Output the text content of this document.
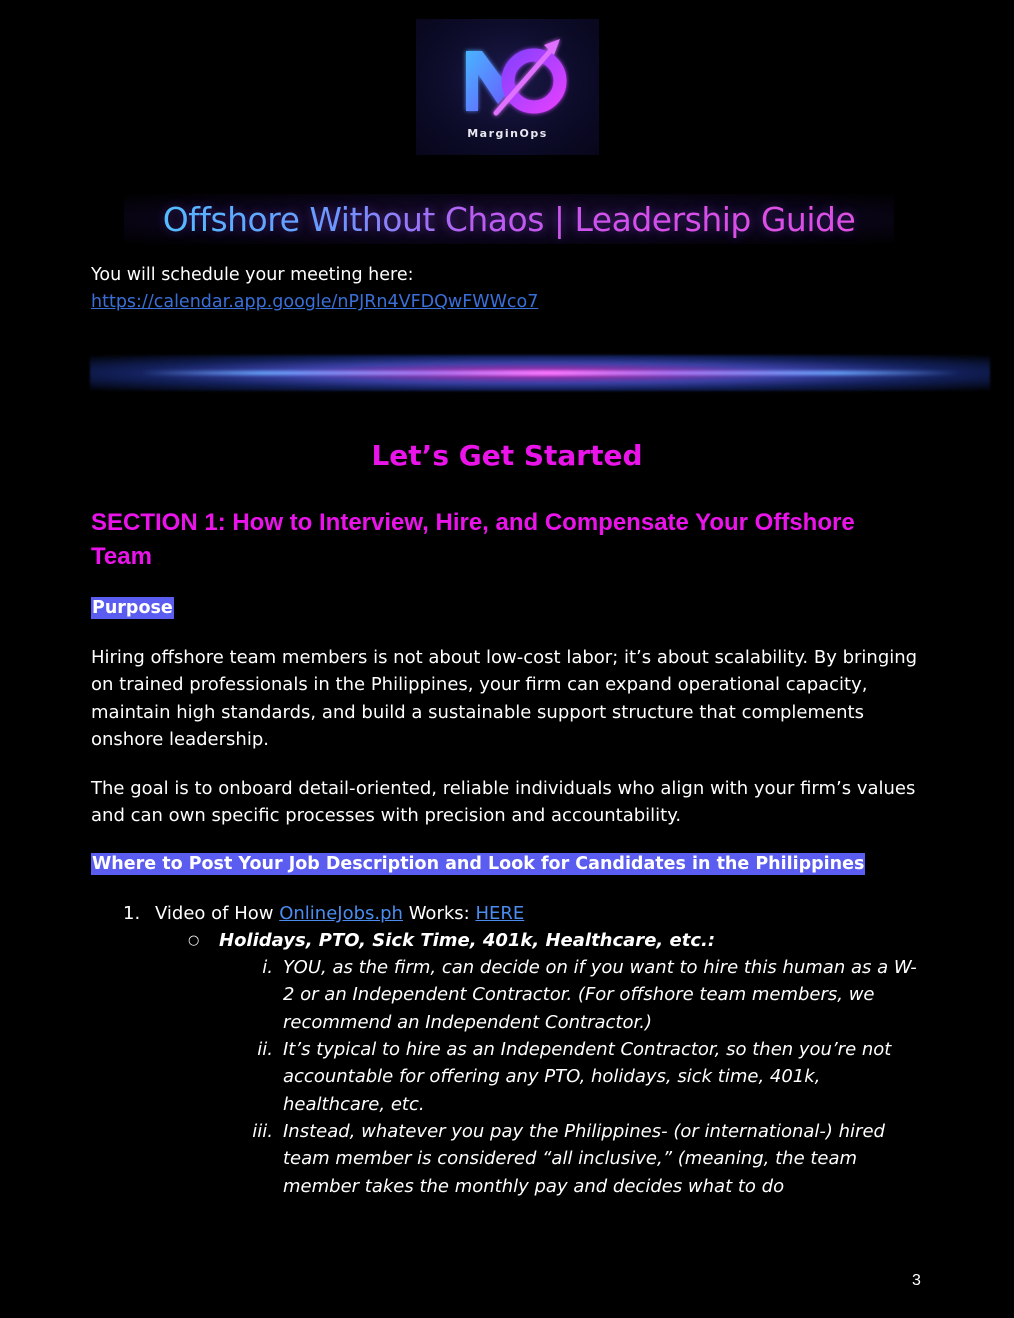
MarginOps
Offshore Without Chaos | Leadership Guide
You will schedule your meeting here:
https://calendar.app.google/nPJRn4VFDQwFWWco7
Let’s Get Started
SECTION 1: How to Interview, Hire, and Compensate Your Offshore Team
Purpose
Hiring offshore team members is not about low-cost labor; it’s about scalability. By bringing on trained professionals in the Philippines, your firm can expand operational capacity, maintain high standards, and build a sustainable support structure that complements onshore leadership.
The goal is to onboard detail-oriented, reliable individuals who align with your firm’s values and can own specific processes with precision and accountability.
Where to Post Your Job Description and Look for Candidates in the Philippines
1. Video of How OnlineJobs.ph Works: HERE
○ Holidays, PTO, Sick Time, 401k, Healthcare, etc.:
i. YOU, as the firm, can decide on if you want to hire this human as a W-2 or an Independent Contractor. (For offshore team members, we recommend an Independent Contractor.)
ii. It’s typical to hire as an Independent Contractor, so then you’re not accountable for offering any PTO, holidays, sick time, 401k, healthcare, etc.
iii. Instead, whatever you pay the Philippines- (or international-) hired team member is considered “all inclusive,” (meaning, the team member takes the monthly pay and decides what to do
3
